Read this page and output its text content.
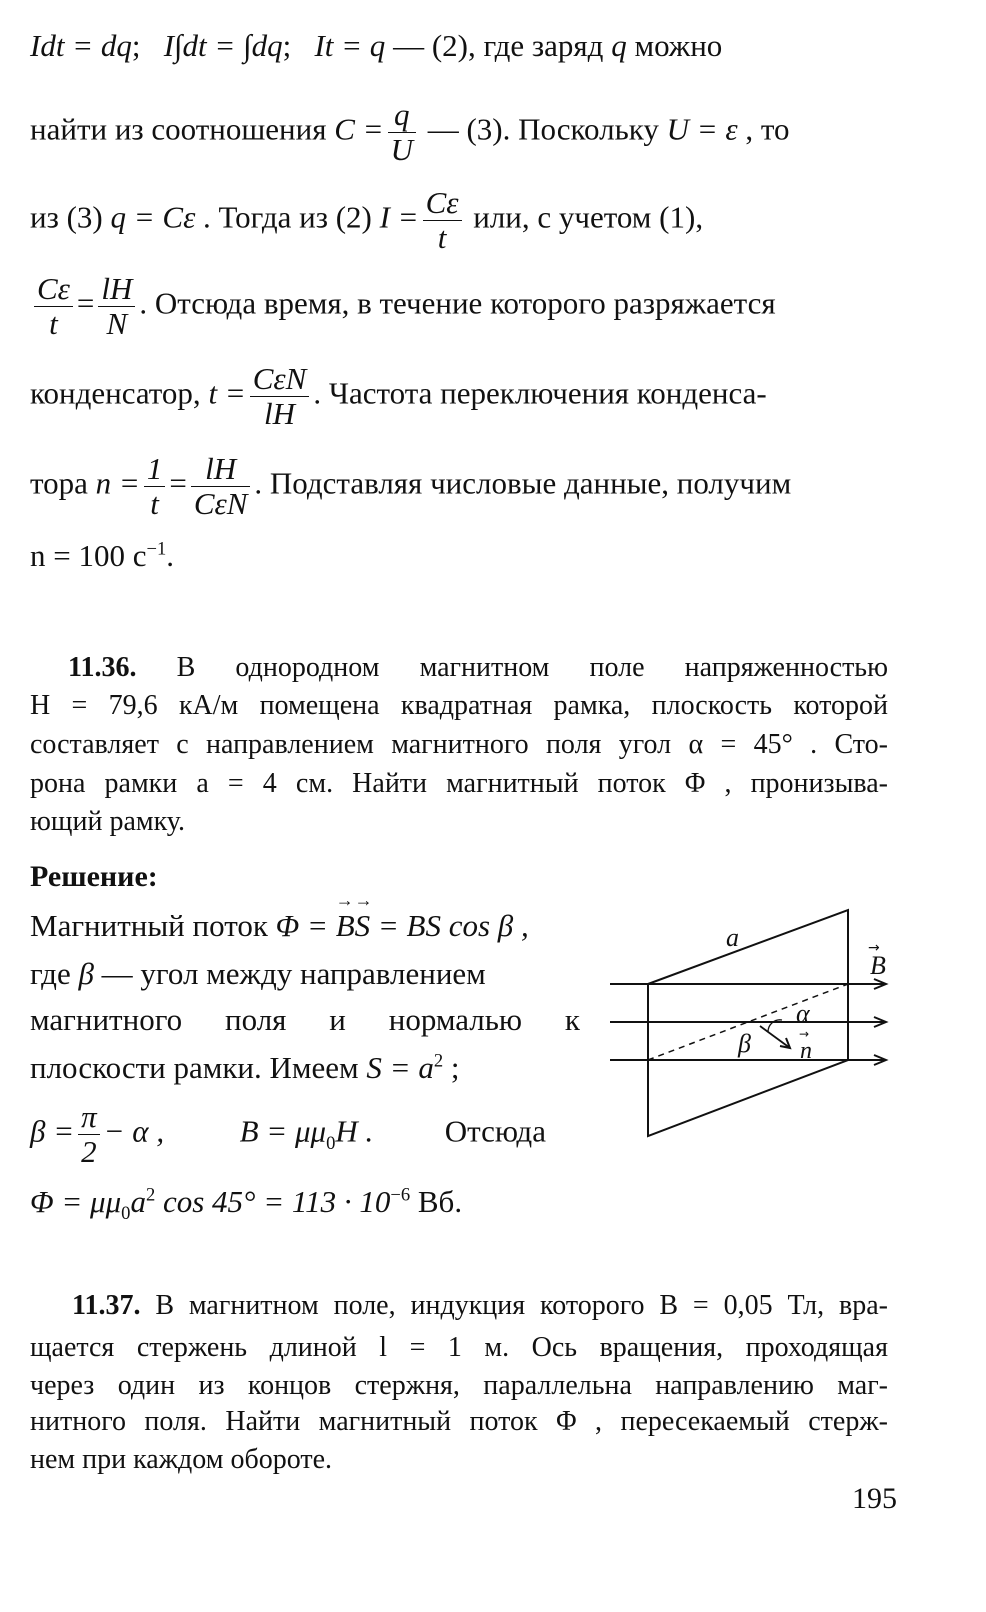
Idt = dq;   I∫dt = ∫dq;   It = q — (2), где заряд q можно
найти из соотношения $C = \frac{q}{U}$ — (3). Поскольку U = ε , то
из (3) q = Cε . Тогда из (2) $I = \frac{C\varepsilon}{t}$ или, с учетом (1),
$\frac{C\varepsilon}{t} = \frac{lH}{N}$ . Отсюда время, в течение которого разряжается
конденсатор, $t = \frac{\text{CεN}}{lH}$ . Частота переключения конденса-
тора $n = \frac{1}{t} = \frac{lH}{\text{CεN}}$ . Подставляя числовые данные, получим
n = 100 $с^{-1}$.
11.36. В однородном магнитном поле напряженностью
H = 79,6 кА/м помещена квадратная рамка, плоскость которой
составляет с направлением магнитного поля угол α = 45° . Сто-
рона рамки a = 4 см. Найти магнитный поток Φ , пронизыва-
ющий рамку.
Решение:
Магнитный поток Φ = → B→ S = BS cos β ,
где β — угол между направлением
магнитного поля и нормалью к
плоскости рамки. Имеем $S = a^2$ ;
$\beta = \frac{\pi}{2} - \alpha$ , $B = \mu\mu_0H$ . Отсюда
$\Phi = \mu\mu_0a^2$ $\cos 45^\circ = 113 \cdot 10^{-6}$ Вб.
a
B
→
α
β n
→
11.37. В магнитном поле, индукция которого B = 0,05 Тл, вра-
щается стержень длиной l = 1 м. Ось вращения, проходящая
через один из концов стержня, параллельна направлению маг-
нитного поля. Найти магнитный поток Φ , пересекаемый стерж-
нем при каждом обороте.
195
